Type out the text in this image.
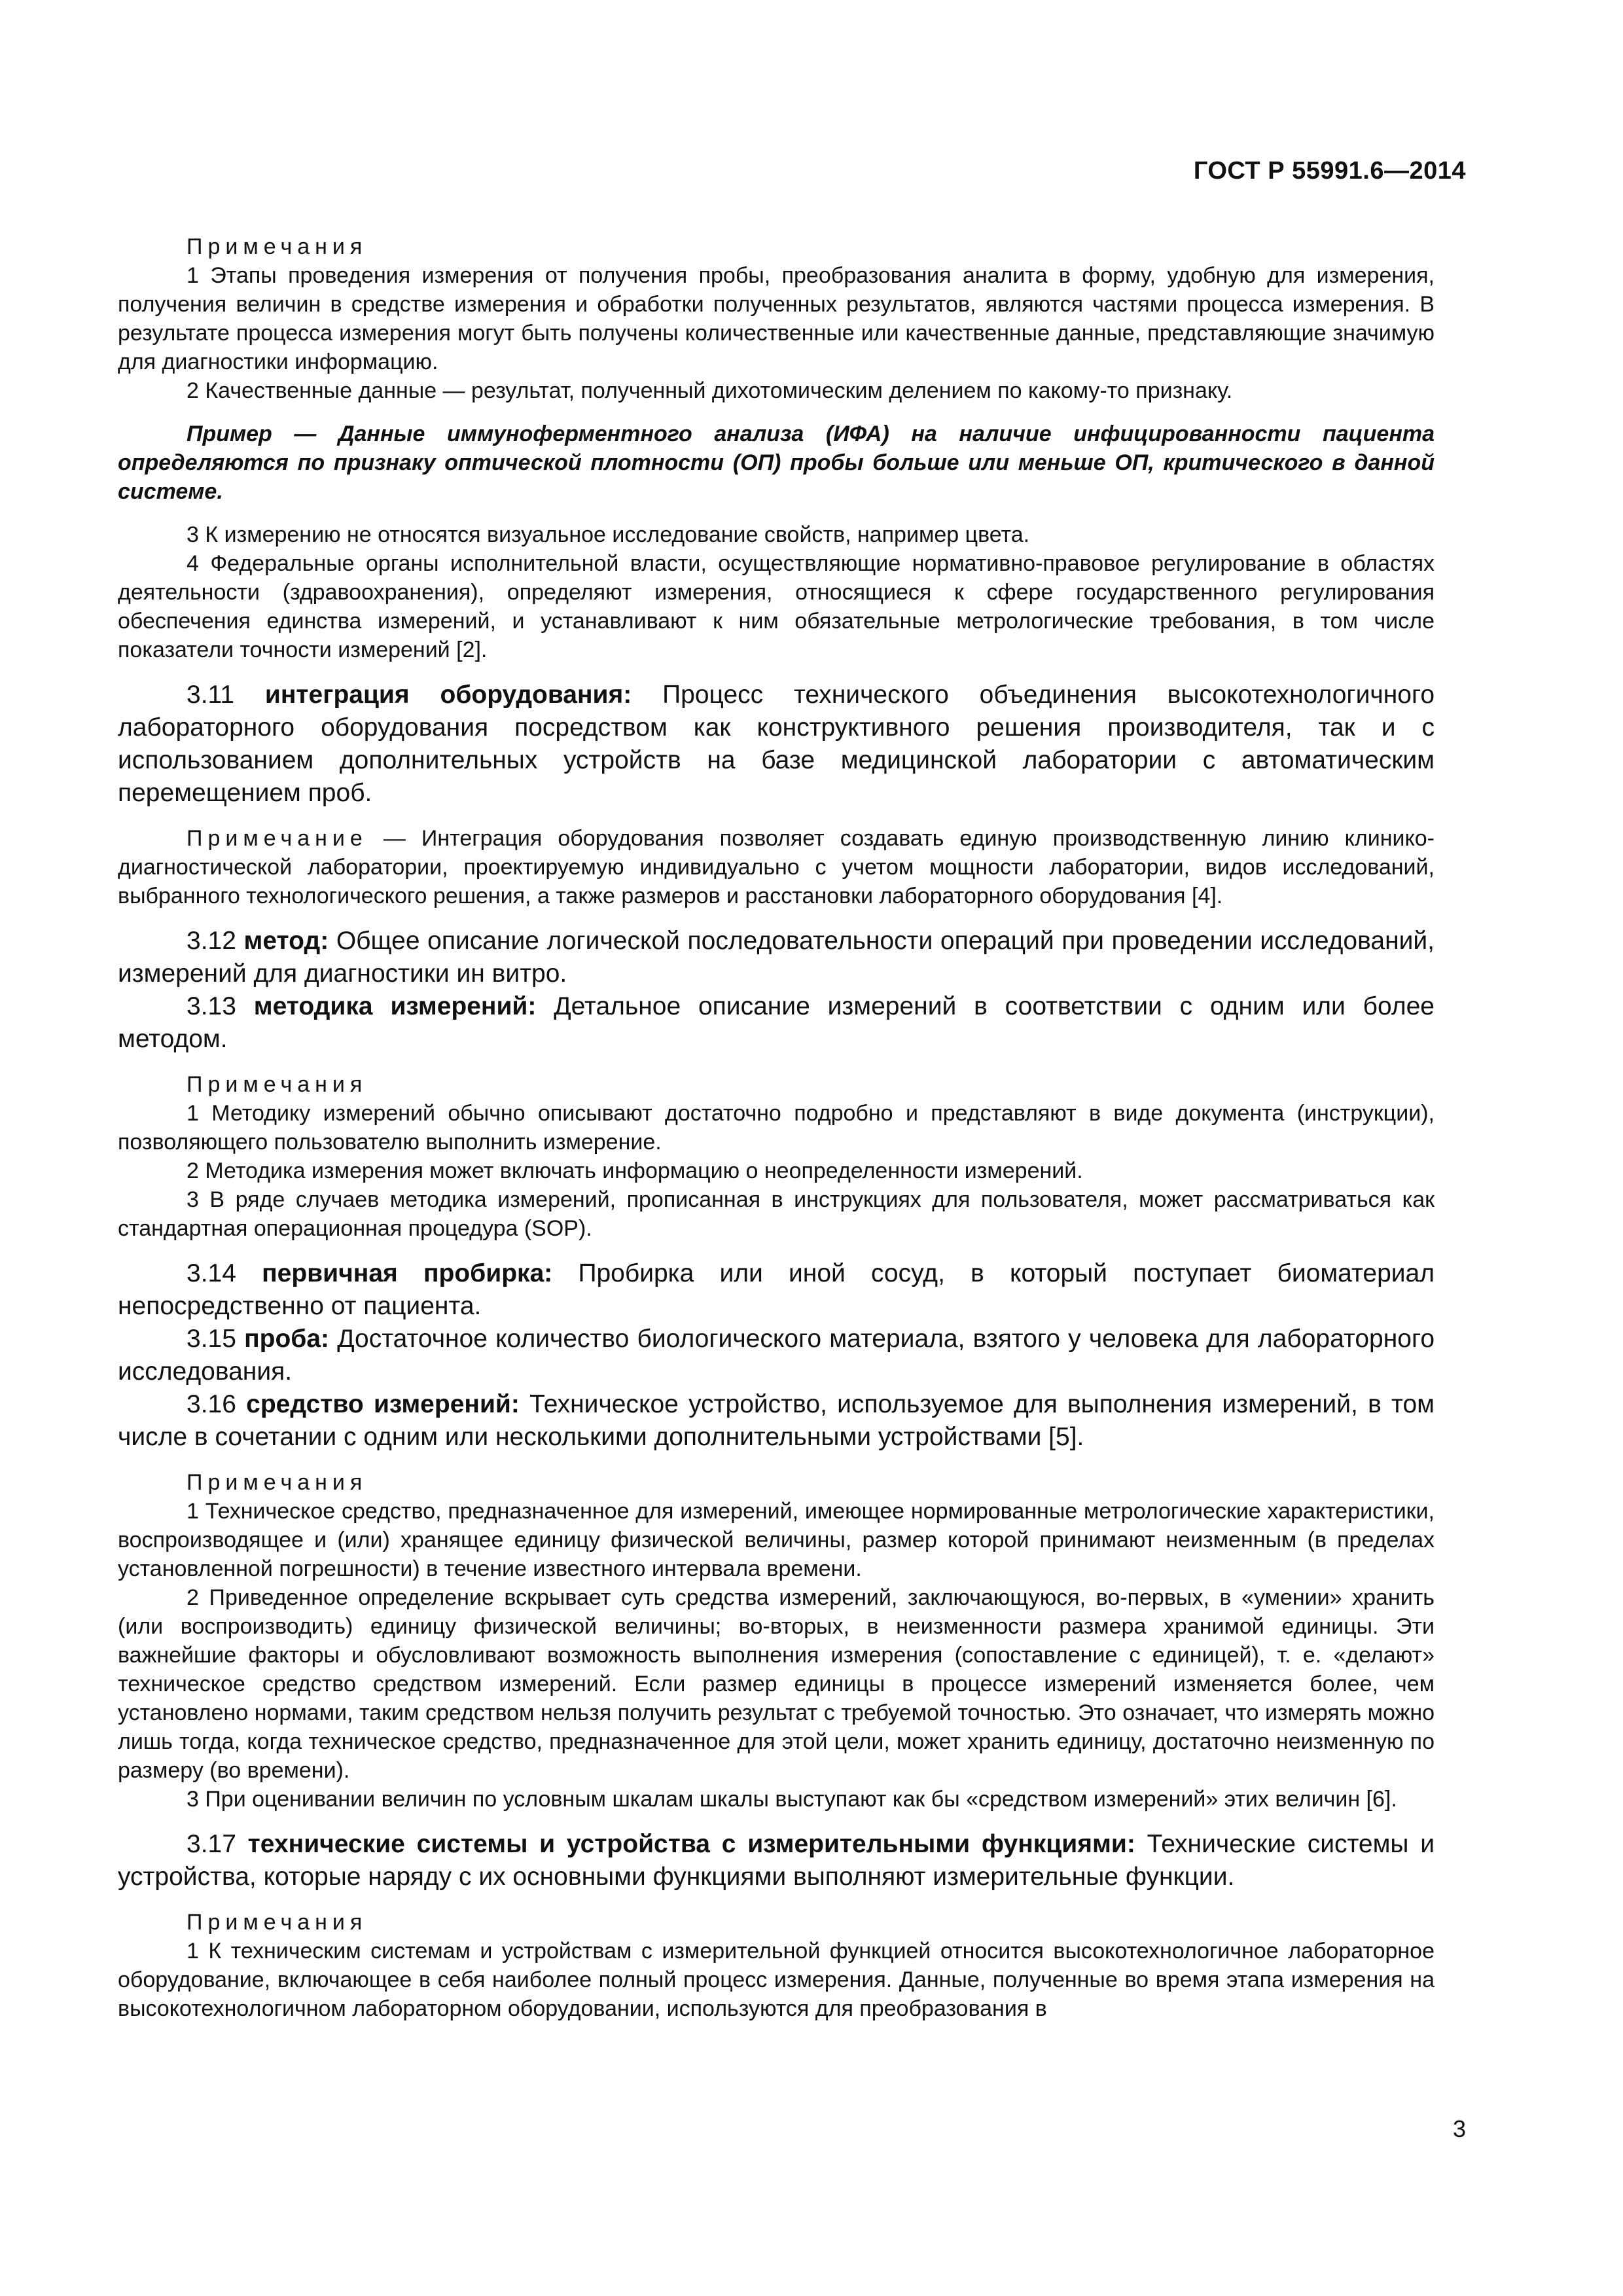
ГОСТ Р 55991.6—2014

Примечания

1 Этапы проведения измерения от получения пробы, преобразования аналита в форму, удобную для измерения, получения величин в средстве измерения и обработки полученных результатов, являются частями процесса измерения. В результате процесса измерения могут быть получены количественные или качественные данные, представляющие значимую для диагностики информацию.

2 Качественные данные — результат, полученный дихотомическим делением по какому-то признаку.

Пример — Данные иммуноферментного анализа (ИФА) на наличие инфицированности пациента определяются по признаку оптической плотности (ОП) пробы больше или меньше ОП, критического в данной системе.

3 К измерению не относятся визуальное исследование свойств, например цвета.

4 Федеральные органы исполнительной власти, осуществляющие нормативно-правовое регулирование в областях деятельности (здравоохранения), определяют измерения, относящиеся к сфере государственного регулирования обеспечения единства измерений, и устанавливают к ним обязательные метрологические требования, в том числе показатели точности измерений [2].

3.11 интеграция оборудования: Процесс технического объединения высокотехнологичного лабораторного оборудования посредством как конструктивного решения производителя, так и с использованием дополнительных устройств на базе медицинской лаборатории с автоматическим перемещением проб.

Примечание — Интеграция оборудования позволяет создавать единую производственную линию клинико-диагностической лаборатории, проектируемую индивидуально с учетом мощности лаборатории, видов исследований, выбранного технологического решения, а также размеров и расстановки лабораторного оборудования [4].

3.12 метод: Общее описание логической последовательности операций при проведении исследований, измерений для диагностики ин витро.

3.13 методика измерений: Детальное описание измерений в соответствии с одним или более методом.

Примечания

1 Методику измерений обычно описывают достаточно подробно и представляют в виде документа (инструкции), позволяющего пользователю выполнить измерение.

2 Методика измерения может включать информацию о неопределенности измерений.

3 В ряде случаев методика измерений, прописанная в инструкциях для пользователя, может рассматриваться как стандартная операционная процедура (SOP).

3.14 первичная пробирка: Пробирка или иной сосуд, в который поступает биоматериал непосредственно от пациента.

3.15 проба: Достаточное количество биологического материала, взятого у человека для лабораторного исследования.

3.16 средство измерений: Техническое устройство, используемое для выполнения измерений, в том числе в сочетании с одним или несколькими дополнительными устройствами [5].

Примечания

1 Техническое средство, предназначенное для измерений, имеющее нормированные метрологические характеристики, воспроизводящее и (или) хранящее единицу физической величины, размер которой принимают неизменным (в пределах установленной погрешности) в течение известного интервала времени.

2 Приведенное определение вскрывает суть средства измерений, заключающуюся, во-первых, в «умении» хранить (или воспроизводить) единицу физической величины; во-вторых, в неизменности размера хранимой единицы. Эти важнейшие факторы и обусловливают возможность выполнения измерения (сопоставление с единицей), т. е. «делают» техническое средство средством измерений. Если размер единицы в процессе измерений изменяется более, чем установлено нормами, таким средством нельзя получить результат с требуемой точностью. Это означает, что измерять можно лишь тогда, когда техническое средство, предназначенное для этой цели, может хранить единицу, достаточно неизменную по размеру (во времени).

3 При оценивании величин по условным шкалам шкалы выступают как бы «средством измерений» этих величин [6].

3.17 технические системы и устройства с измерительными функциями: Технические системы и устройства, которые наряду с их основными функциями выполняют измерительные функции.

Примечания

1 К техническим системам и устройствам с измерительной функцией относится высокотехнологичное лабораторное оборудование, включающее в себя наиболее полный процесс измерения. Данные, полученные во время этапа измерения на высокотехнологичном лабораторном оборудовании, используются для преобразования в

3
